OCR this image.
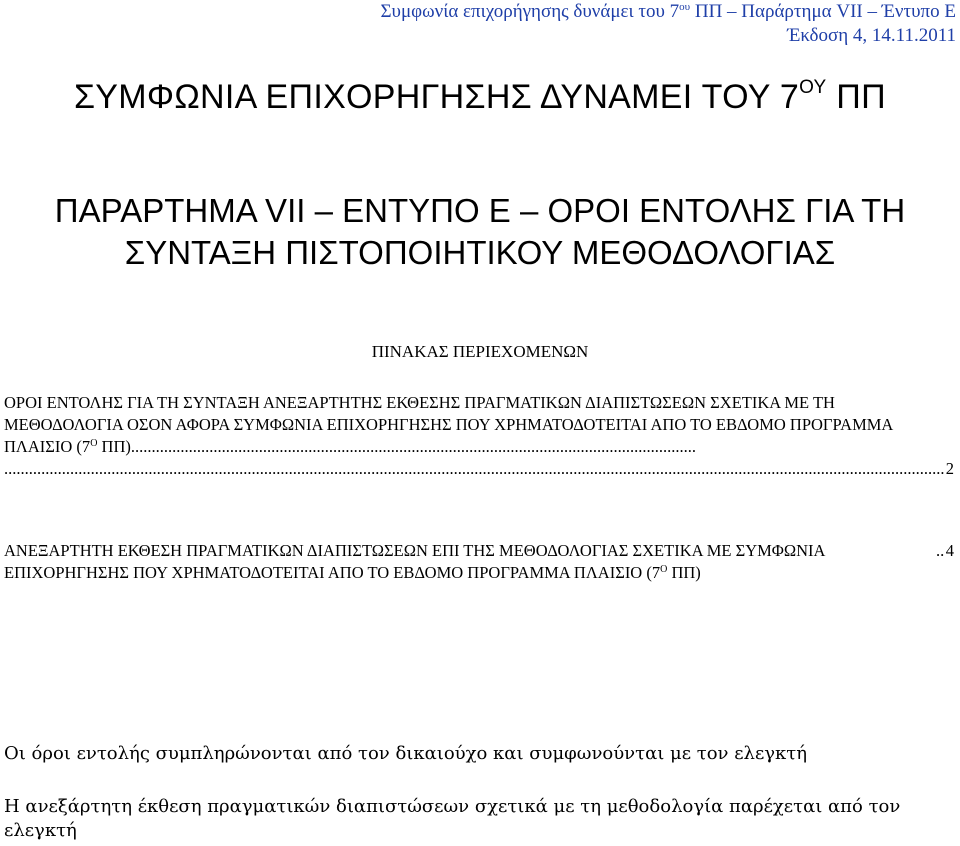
Συμφωνία επιχορήγησης δυνάμει του $7^{o\upsilon}$ ΠΠ – Παράρτημα VII – Έντυπο Ε
Έκδοση 4, 14.11.2011
ΣΥΜΦΩΝΙΑ ΕΠΙΧΟΡΗΓΗΣΗΣ ΔΥΝΑΜΕΙ ΤΟΥ $7^{O\Upsilon}$ ΠΠ
ΠΑΡΑΡΤΗΜΑ VII – ΕΝΤΥΠΟ Ε – ΟΡΟΙ ΕΝΤΟΛΗΣ ΓΙΑ ΤΗ ΣΥΝΤΑΞΗ ΠΙΣΤΟΠΟΙΗΤΙΚΟΥ ΜΕΘΟΔΟΛΟΓΙΑΣ
ΠΙΝΑΚΑΣ ΠΕΡΙΕΧΟΜΕΝΩΝ
ΟΡΟΙ ΕΝΤΟΛΗΣ ΓΙΑ ΤΗ ΣΥΝΤΑΞΗ ΑΝΕΞΑΡΤΗΤΗΣ ΕΚΘΕΣΗΣ ΠΡΑΓΜΑΤΙΚΩΝ ΔΙΑΠΙΣΤΩΣΕΩΝ ΣΧΕΤΙΚΑ ΜΕ ΤΗ ΜΕΘΟΔΟΛΟΓΙΑ ΟΣΟΝ ΑΦΟΡΑ ΣΥΜΦΩΝΙΑ ΕΠΙΧΟΡΗΓΗΣΗΣ ΠΟΥ ΧΡΗΜΑΤΟΔΟΤΕΙΤΑΙ ΑΠΟ ΤΟ ΕΒΔΟΜΟ ΠΡΟΓΡΑΜΜΑ ΠΛΑΙΣΙΟ ($7^O$ ΠΠ).........................................................................................................................................
.....
2
ΑΝΕΞΑΡΤΗΤΗ ΕΚΘΕΣΗ ΠΡΑΓΜΑΤΙΚΩΝ ΔΙΑΠΙΣΤΩΣΕΩΝ ΕΠΙ ΤΗΣ ΜΕΘΟΔΟΛΟΓΙΑΣ ΣΧΕΤΙΚΑ ΜΕ ΣΥΜΦΩΝΙΑ ΕΠΙΧΟΡΗΓΗΣΗΣ ΠΟΥ ΧΡΗΜΑΤΟΔΟΤΕΙΤΑΙ ΑΠΟ ΤΟ ΕΒΔΟΜΟ ΠΡΟΓΡΑΜΜΑ ΠΛΑΙΣΙΟ ($7^O$ ΠΠ)
.....
4
Οι όροι εντολής συμπληρώνονται από τον δικαιούχο και συμφωνούνται με τον ελεγκτή
Η ανεξάρτητη έκθεση πραγματικών διαπιστώσεων σχετικά με τη μεθοδολογία παρέχεται από τον ελεγκτή
